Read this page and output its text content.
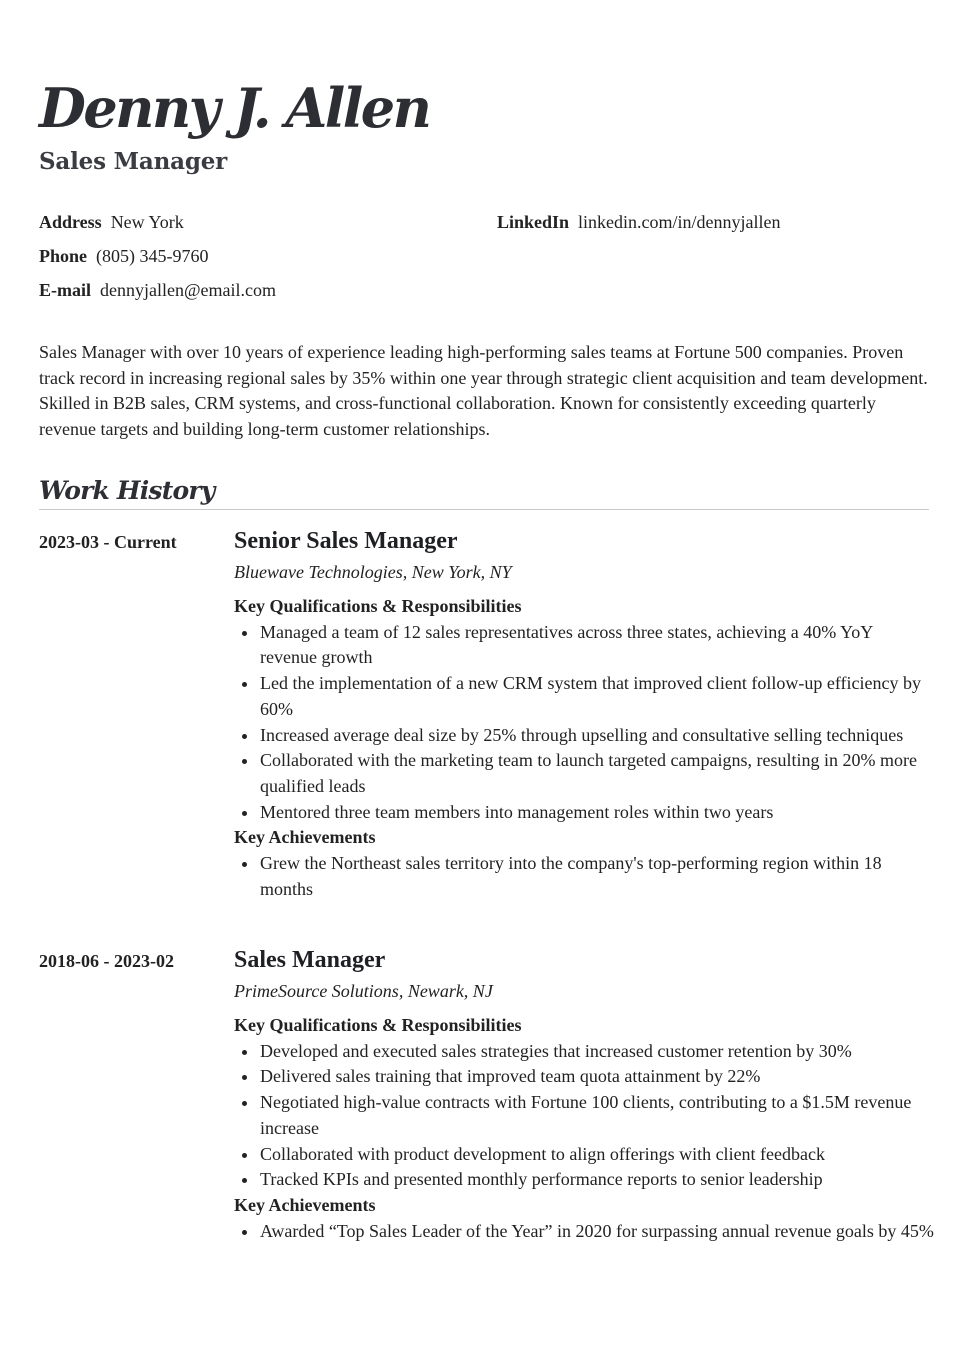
Denny J. Allen
Sales Manager
Address New York
Phone (805) 345-9760
E-mail dennyjallen@email.com
LinkedIn linkedin.com/in/dennyjallen
Sales Manager with over 10 years of experience leading high-performing sales teams at Fortune 500 companies. Proven track record in increasing regional sales by 35% within one year through strategic client acquisition and team development. Skilled in B2B sales, CRM systems, and cross-functional collaboration. Known for consistently exceeding quarterly revenue targets and building long-term customer relationships.
Work History
2023-03 - Current Senior Sales Manager
Bluewave Technologies, New York, NY
Key Qualifications & Responsibilities
Managed a team of 12 sales representatives across three states, achieving a 40% YoY revenue growth
Led the implementation of a new CRM system that improved client follow-up efficiency by 60%
Increased average deal size by 25% through upselling and consultative selling techniques
Collaborated with the marketing team to launch targeted campaigns, resulting in 20% more qualified leads
Mentored three team members into management roles within two years
Key Achievements
Grew the Northeast sales territory into the company's top-performing region within 18 months
2018-06 - 2023-02	Sales Manager
PrimeSource Solutions, Newark, NJ
Key Qualifications & Responsibilities
Developed and executed sales strategies that increased customer retention by 30%
Delivered sales training that improved team quota attainment by 22%
Negotiated high-value contracts with Fortune 100 clients, contributing to a $1.5M revenue increase
Collaborated with product development to align offerings with client feedback
Tracked KPIs and presented monthly performance reports to senior leadership
Key Achievements
Awarded “Top Sales Leader of the Year” in 2020 for surpassing annual revenue goals by 45%
